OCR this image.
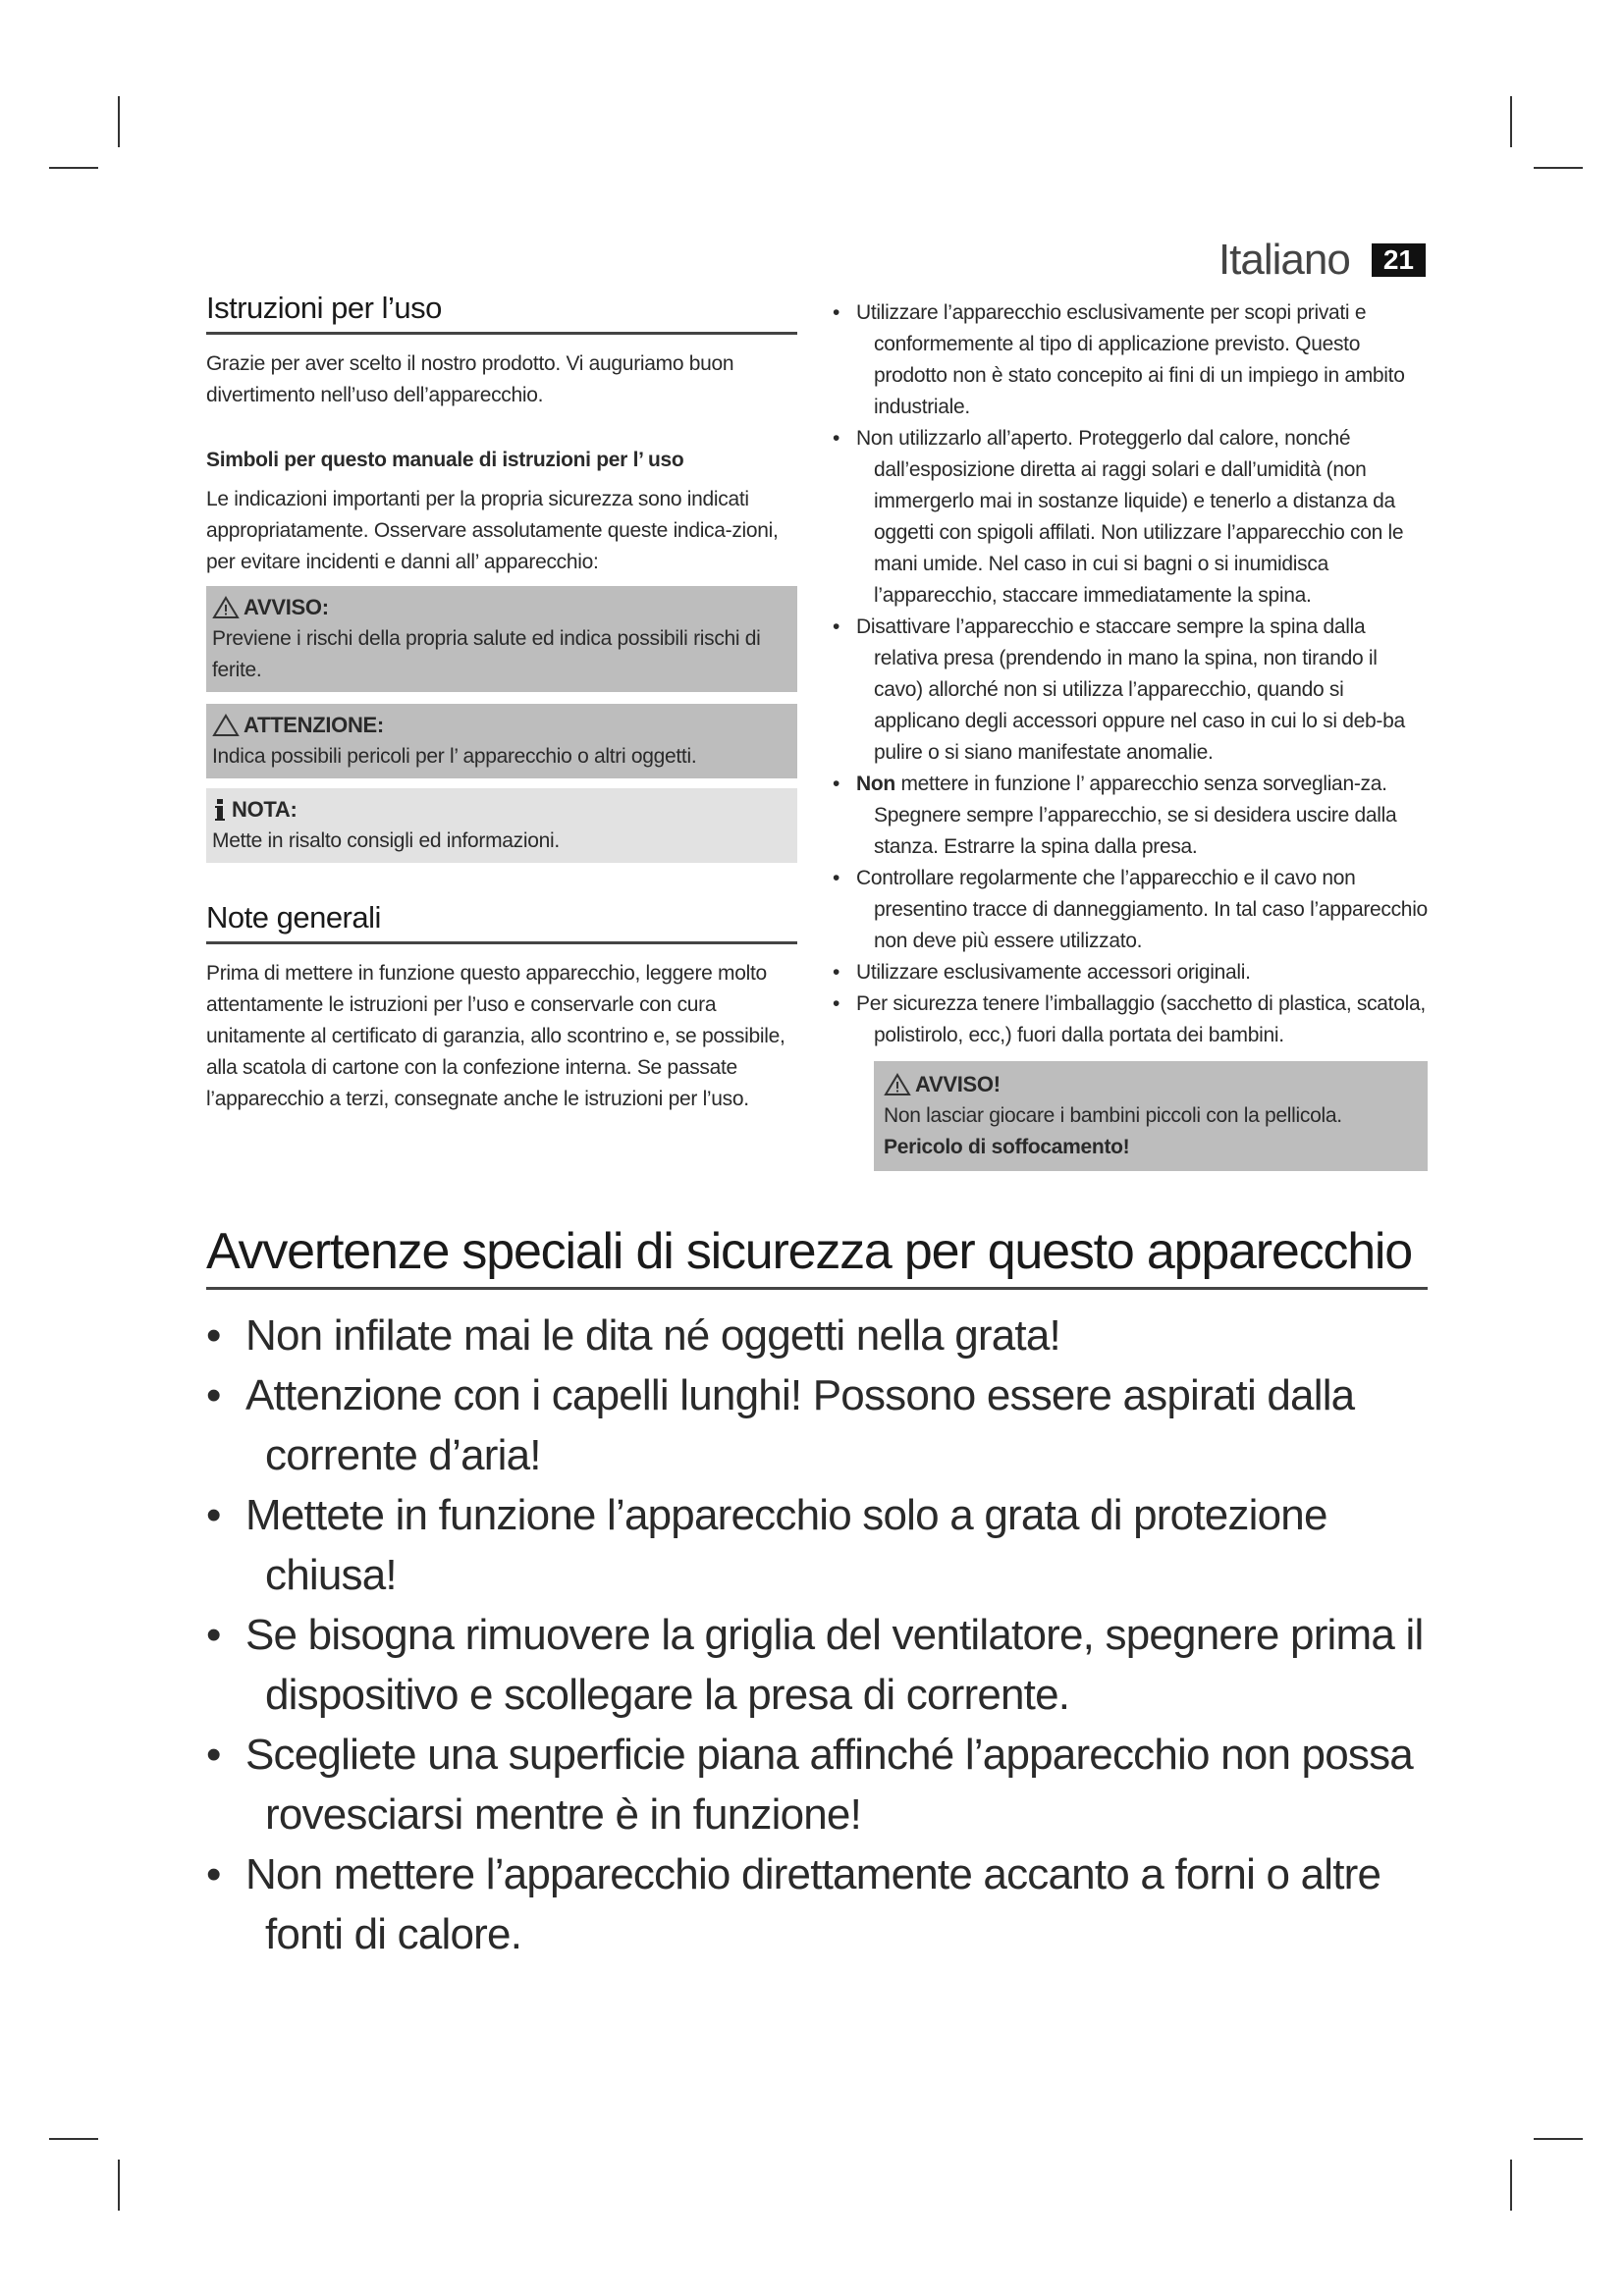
Italiano	21
Istruzioni per l’uso

Grazie per aver scelto il nostro prodotto. Vi auguriamo buon divertimento nell’uso dell’apparecchio.

Simboli per questo manuale di istruzioni per l’ uso

Le indicazioni importanti per la propria sicurezza sono indicati appropriatamente. Osservare assolutamente queste indica-zioni, per evitare incidenti e danni all’ apparecchio:

AVVISO:
Previene i rischi della propria salute ed indica possibili rischi di ferite.
ATTENZIONE:
Indica possibili pericoli per l’ apparecchio o altri oggetti.
NOTA:
Mette in risalto consigli ed informazioni.
Note generali

Prima di mettere in funzione questo apparecchio, leggere molto attentamente le istruzioni per l’uso e conservarle con cura unitamente al certificato di garanzia, allo scontrino e, se possibile, alla scatola di cartone con la confezione interna. Se passate l’apparecchio a terzi, consegnate anche le istruzioni per l’uso.

• Utilizzare l’apparecchio esclusivamente per scopi privati e conformemente al tipo di applicazione previsto. Questo prodotto non è stato concepito ai fini di un impiego in ambito industriale.
• Non utilizzarlo all’aperto. Proteggerlo dal calore, nonché dall’esposizione diretta ai raggi solari e dall’umidità (non immergerlo mai in sostanze liquide) e tenerlo a distanza da oggetti con spigoli affilati. Non utilizzare l’apparecchio con le mani umide. Nel caso in cui si bagni o si inumidisca l’apparecchio, staccare immediatamente la spina.
• Disattivare l’apparecchio e staccare sempre la spina dalla relativa presa (prendendo in mano la spina, non tirando il cavo) allorché non si utilizza l’apparecchio, quando si applicano degli accessori oppure nel caso in cui lo si deb-ba pulire o si siano manifestate anomalie.
• Non mettere in funzione l’ apparecchio senza sorveglian-za. Spegnere sempre l’apparecchio, se si desidera uscire dalla stanza. Estrarre la spina dalla presa.
• Controllare regolarmente che l’apparecchio e il cavo non presentino tracce di danneggiamento. In tal caso l’apparecchio non deve più essere utilizzato.
• Utilizzare esclusivamente accessori originali.
• Per sicurezza tenere l’imballaggio (sacchetto di plastica, scatola, polistirolo, ecc,) fuori dalla portata dei bambini.
AVVISO!
Non lasciar giocare i bambini piccoli con la pellicola.
Pericolo di soffocamento!
Avvertenze speciali di sicurezza per questo apparecchio
• Non infilate mai le dita né oggetti nella grata!
• Attenzione con i capelli lunghi! Possono essere aspirati dalla corrente d’aria!
• Mettete in funzione l’apparecchio solo a grata di protezione chiusa!
• Se bisogna rimuovere la griglia del ventilatore, spegnere prima il dispositivo e scollegare la presa di corrente.
• Scegliete una superficie piana affinché l’apparecchio non possa rovesciarsi mentre è in funzione!
• Non mettere l’apparecchio direttamente accanto a forni o altre fonti di calore.
